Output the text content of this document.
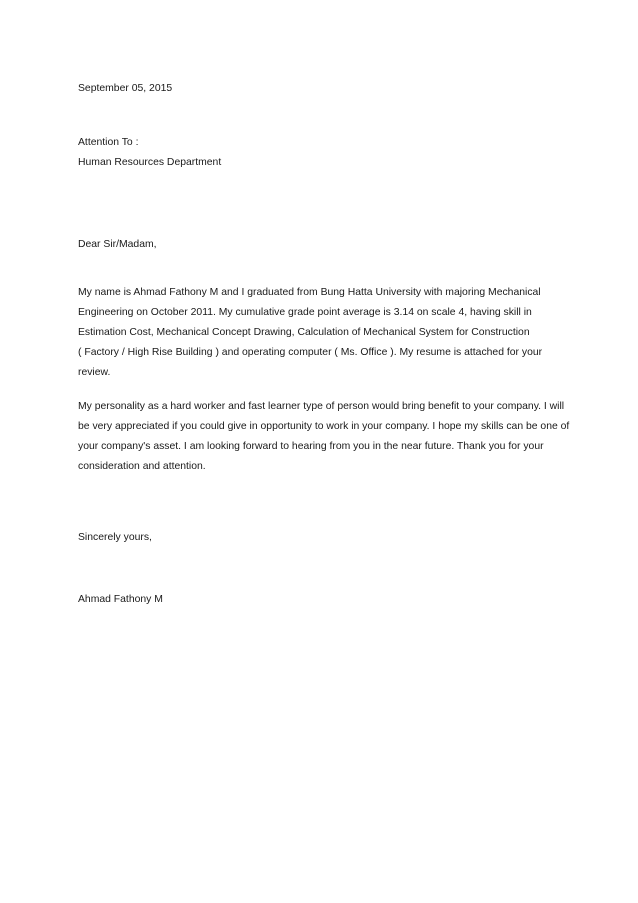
September 05, 2015
Attention To :
Human Resources Department
Dear Sir/Madam,

My name is Ahmad Fathony M and I graduated from Bung Hatta University with majoring Mechanical
Engineering on October 2011. My cumulative grade point average is 3.14 on scale 4, having skill in
Estimation Cost, Mechanical Concept Drawing, Calculation of Mechanical System for Construction
( Factory / High Rise Building ) and operating computer ( Ms. Office ). My resume is attached for your
review.

My personality as a hard worker and fast learner type of person would bring benefit to your company. I will
be very appreciated if you could give in opportunity to work in your company. I hope my skills can be one of
your company's asset. I am looking forward to hearing from you in the near future. Thank you for your
consideration and attention.

Sincerely yours,
Ahmad Fathony M
